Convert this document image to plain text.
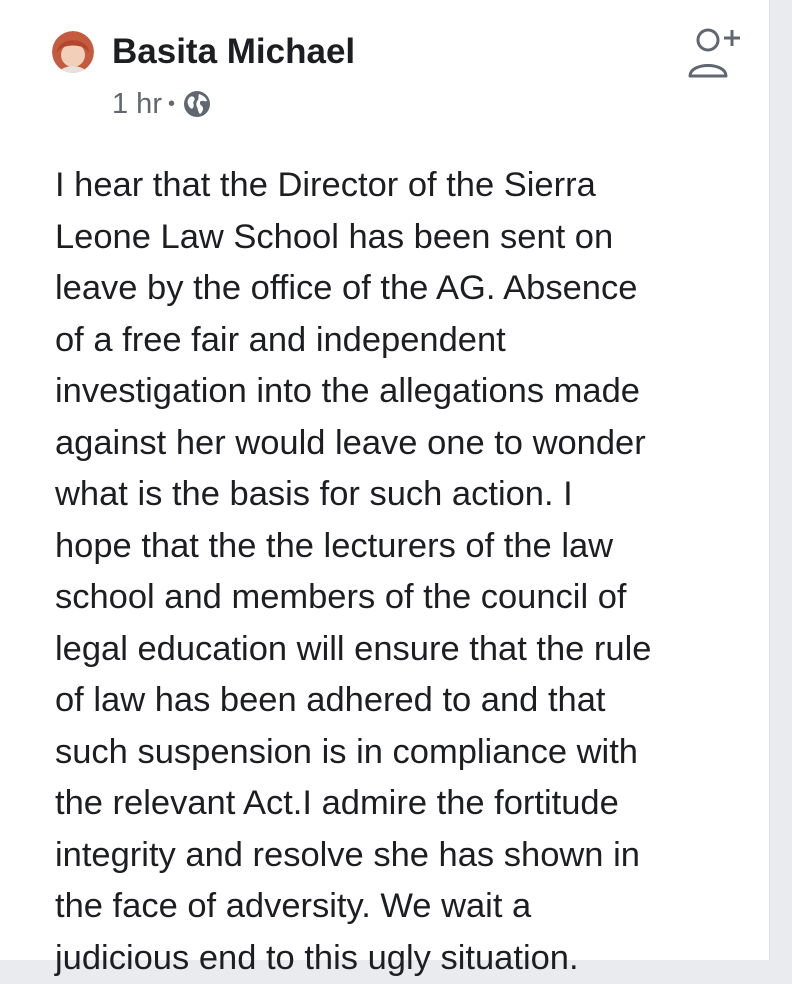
Basita Michael
1 hr •

I hear that the Director of the Sierra
Leone Law School has been sent on
leave by the office of the AG. Absence
of a free fair and independent
investigation into the allegations made
against her would leave one to wonder
what is the basis for such action. I
hope that the the lecturers of the law
school and members of the council of
legal education will ensure that the rule
of law has been adhered to and that
such suspension is in compliance with
the relevant Act.I admire the fortitude
integrity and resolve she has shown in
the face of adversity. We wait a
judicious end to this ugly situation.
